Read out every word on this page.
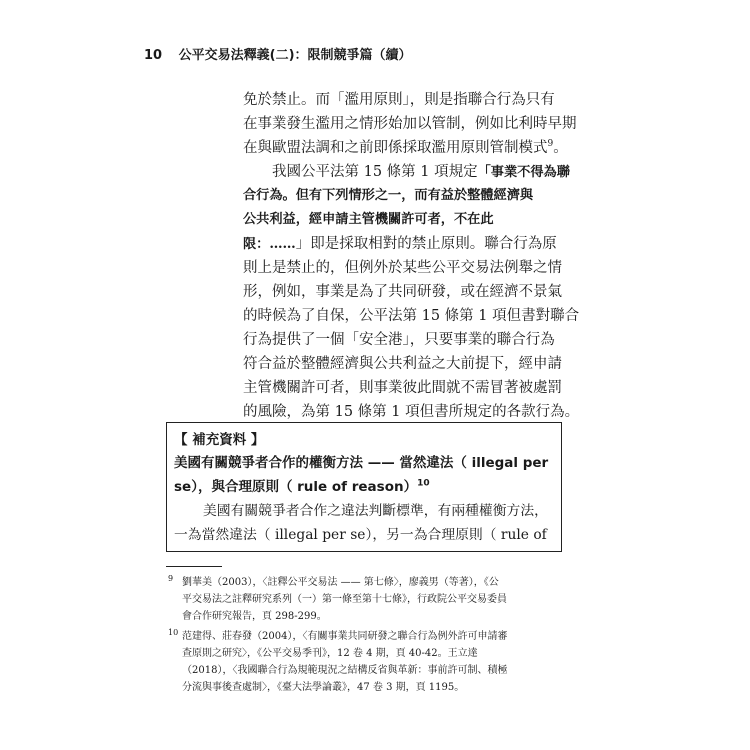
10 公平交易法釋義(二)：限制競爭篇（續）
免於禁止。而「濫用原則」，則是指聯合行為只有
在事業發生濫用之情形始加以管制，例如比利時早期
在與歐盟法調和之前即係採取濫用原則管制模式$^9$。
我國公平法第 15 條第 1 項規定「事業不得為聯
合行為。但有下列情形之一，而有益於整體經濟與
公共利益，經申請主管機關許可者，不在此
限：……」即是採取相對的禁止原則。聯合行為原
則上是禁止的，但例外於某些公平交易法例舉之情
形，例如，事業是為了共同研發，或在經濟不景氣
的時候為了自保，公平法第 15 條第 1 項但書對聯合
行為提供了一個「安全港」，只要事業的聯合行為
符合益於整體經濟與公共利益之大前提下，經申請
主管機關許可者，則事業彼此間就不需冒著被處罰
的風險，為第 15 條第 1 項但書所規定的各款行為。
【 補充資料 】
美國有關競爭者合作的權衡方法 —— 當然違法（ illegal per
se），與合理原則（ rule of reason）$^{10}$
美國有關競爭者合作之違法判斷標準，有兩種權衡方法，
一為當然違法（ illegal per se），另一為合理原則（ rule of
9 劉華美（2003），〈註釋公平交易法 —— 第七條〉，廖義男（等著），《公
平交易法之註釋研究系列（一）第一條至第十七條》，行政院公平交易委員
會合作研究報告，頁 298-299。
10 范建得、莊春發（2004），〈有關事業共同研發之聯合行為例外許可申請審
查原則之研究〉，《公平交易季刊》，12 卷 4 期，頁 40-42。王立達
（2018），〈我國聯合行為規範現況之結構反省與革新：事前許可制、積極
分流與事後查處制〉，《臺大法學論叢》，47 卷 3 期，頁 1195。
